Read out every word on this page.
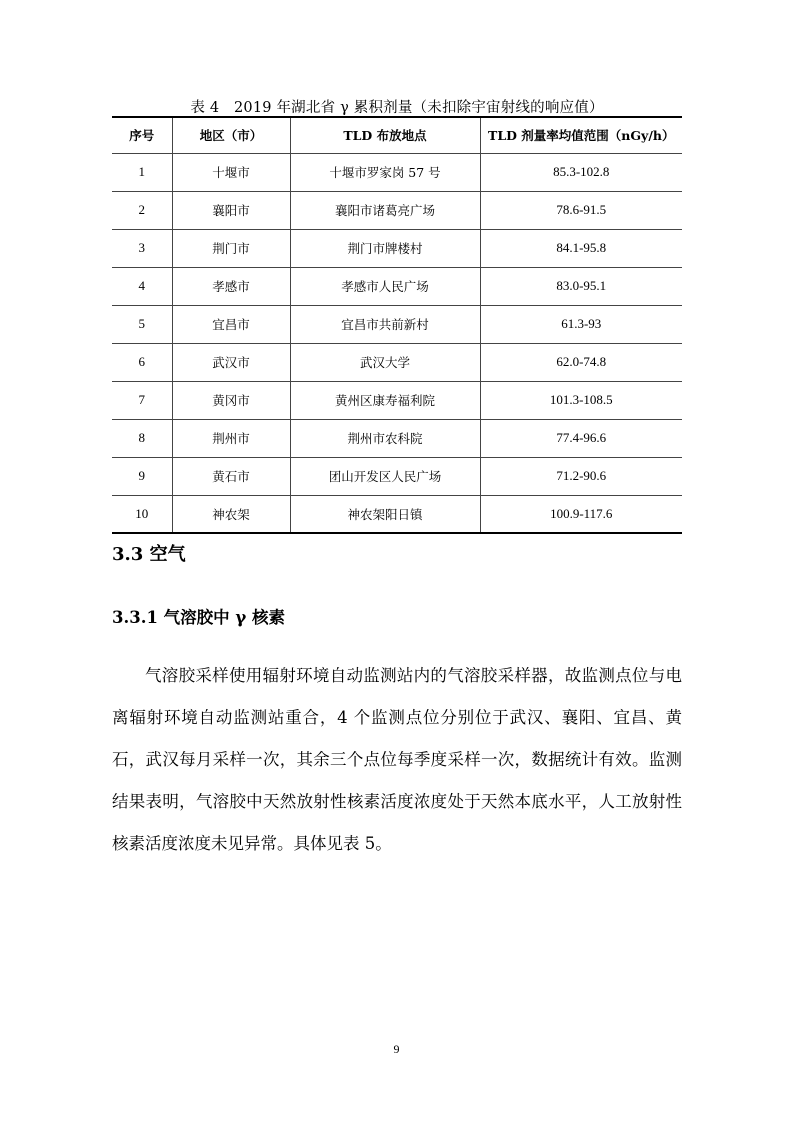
表 4　2019 年湖北省 γ 累积剂量（未扣除宇宙射线的响应值）
序号	地区（市）	TLD 布放地点	TLD 剂量率均值范围（nGy/h）
1	十堰市	十堰市罗家岗 57 号	85.3-102.8
2	襄阳市	襄阳市诸葛亮广场	78.6-91.5
3	荆门市	荆门市牌楼村	84.1-95.8
4	孝感市	孝感市人民广场	83.0-95.1
5	宜昌市	宜昌市共前新村	61.3-93
6	武汉市	武汉大学	62.0-74.8
7	黄冈市	黄州区康寿福利院	101.3-108.5
8	荆州市	荆州市农科院	77.4-96.6
9	黄石市	团山开发区人民广场	71.2-90.6
10	神农架	神农架阳日镇	100.9-117.6
3.3 空气
3.3.1 气溶胶中 γ 核素

气溶胶采样使用辐射环境自动监测站内的气溶胶采样器，故监测点位与电离辐射环境自动监测站重合，4 个监测点位分别位于武汉、襄阳、宜昌、黄石，武汉每月采样一次，其余三个点位每季度采样一次，数据统计有效。监测结果表明，气溶胶中天然放射性核素活度浓度处于天然本底水平，人工放射性核素活度浓度未见异常。具体见表 5。

9
